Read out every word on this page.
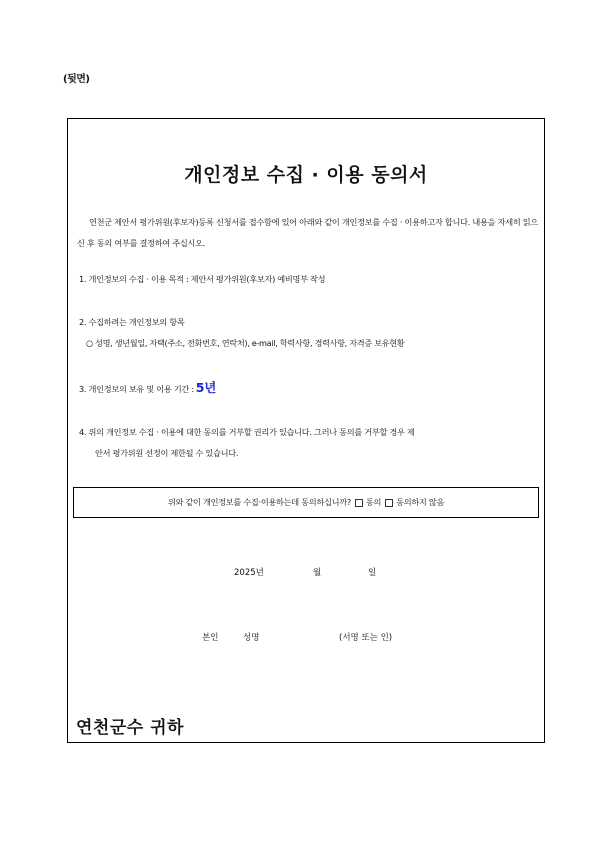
(뒷면)
개인정보 수집 · 이용 동의서
연천군 제안서 평가위원(후보자)등록 신청서를 접수함에 있어 아래와 같이 개인정보를 수집 · 이용하고자 합니다. 내용을 자세히 읽으신 후 동의 여부를 결정하여 주십시오.
1. 개인정보의 수집 · 이용 목적 : 제안서 평가위원(후보자) 예비명부 작성
2. 수집하려는 개인정보의 항목
○ 성명, 생년월일, 자택(주소, 전화번호, 연락처), e-mail, 학력사항, 경력사항, 자격증 보유현황
3. 개인정보의 보유 및 이용 기간 : 5년
4. 위의 개인정보 수집 · 이용에 대한 동의를 거부할 권리가 있습니다. 그러나 동의를 거부할 경우 제
안서 평가위원 선정이 제한될 수 있습니다.
위와 같이 개인정보를 수집·이용하는데 동의하십니까? 동의 동의하지 않음
2025년	월	일
본인	성명	(서명 또는 인)
연천군수 귀하
